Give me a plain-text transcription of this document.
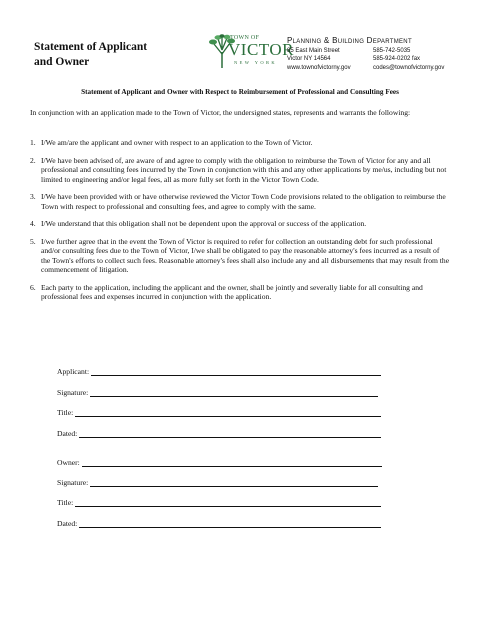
Statement of Applicant
and Owner
TOWN OF
VICTOR
NEW YORK
Planning & Building Department
85 East Main Street	585-742-5035
Victor NY 14564	585-924-0202 fax
www.townofvictorny.gov	codes@townofvictorny.gov
Statement of Applicant and Owner with Respect to Reimbursement of Professional and Consulting Fees
In conjunction with an application made to the Town of Victor, the undersigned states, represents and warrants the following:
1. I/We am/are the applicant and owner with respect to an application to the Town of Victor.
2. I/We have been advised of, are aware of and agree to comply with the obligation to reimburse the Town of Victor for any and all professional and consulting fees incurred by the Town in conjunction with this and any other applications by me/us, including but not limited to engineering and/or legal fees, all as more fully set forth in the Victor Town Code.
3. I/We have been provided with or have otherwise reviewed the Victor Town Code provisions related to the obligation to reimburse the Town with respect to professional and consulting fees, and agree to comply with the same.
4. I/We understand that this obligation shall not be dependent upon the approval or success of the application.
5. I/we further agree that in the event the Town of Victor is required to refer for collection an outstanding debt for such professional and/or consulting fees due to the Town of Victor, I/we shall be obligated to pay the reasonable attorney's fees incurred as a result of the Town's efforts to collect such fees. Reasonable attorney's fees shall also include any and all disbursements that may result from the commencement of litigation.
6. Each party to the application, including the applicant and the owner, shall be jointly and severally liable for all consulting and professional fees and expenses incurred in conjunction with the application.
Applicant:
Signature:
Title:
Dated:
Owner:
Signature:
Title:
Dated:
